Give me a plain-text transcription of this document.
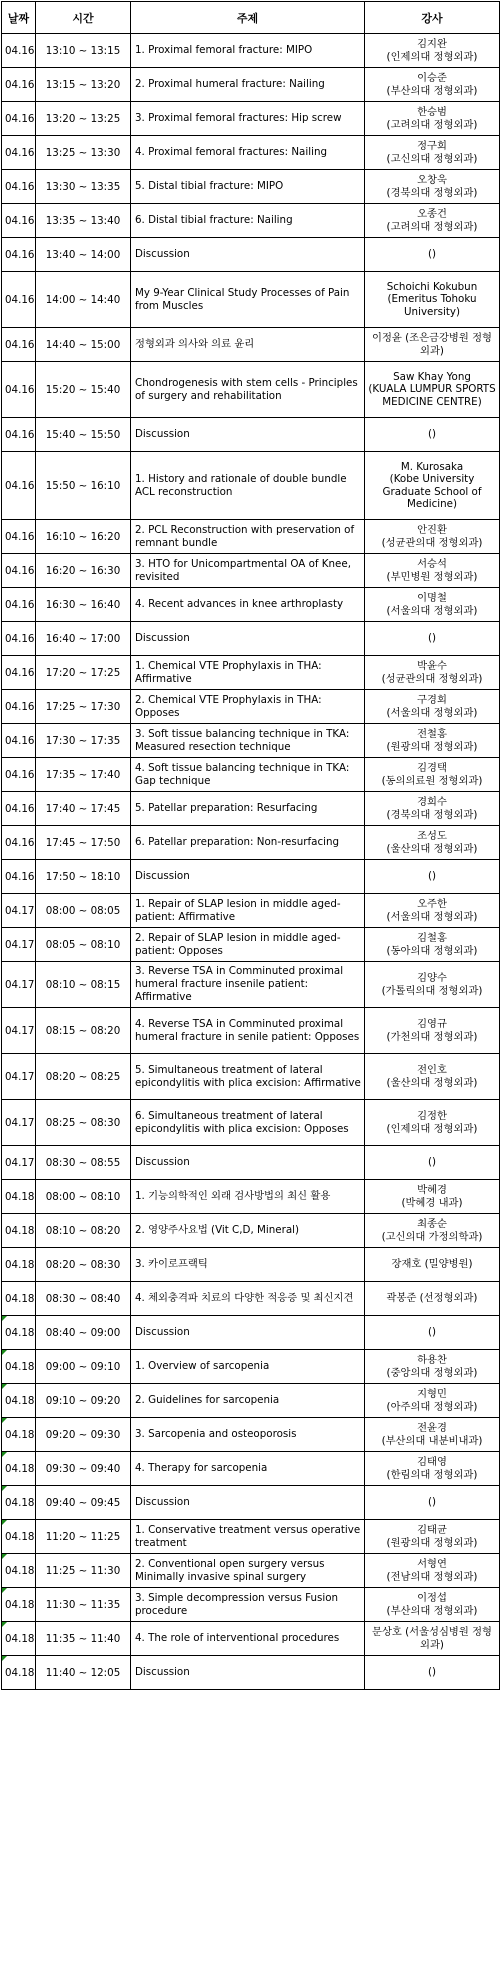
날짜	시간	주제	강사
04.16	13:10 ~ 13:15	1. Proximal femoral fracture: MIPO	김지완
(인제의대 정형외과)
04.16	13:15 ~ 13:20	2. Proximal humeral fracture: Nailing	이승준
(부산의대 정형외과)
04.16	13:20 ~ 13:25	3. Proximal femoral fractures: Hip screw	한승범
(고려의대 정형외과)
04.16	13:25 ~ 13:30	4. Proximal femoral fractures: Nailing	정구희
(고신의대 정형외과)
04.16	13:30 ~ 13:35	5. Distal tibial fracture: MIPO	오창욱
(경북의대 정형외과)
04.16	13:35 ~ 13:40	6. Distal tibial fracture: Nailing	오종건
(고려의대 정형외과)
04.16	13:40 ~ 14:00	Discussion	()
04.16	14:00 ~ 14:40	My 9-Year Clinical Study Processes of Pain from Muscles	Schoichi Kokubun
(Emeritus Tohoku University)
04.16	14:40 ~ 15:00	정형외과 의사와 의료 윤리	이정윤 (조은금강병원 정형외과)
04.16	15:20 ~ 15:40	Chondrogenesis with stem cells - Principles of surgery and rehabilitation	Saw Khay Yong
(KUALA LUMPUR SPORTS MEDICINE CENTRE)
04.16	15:40 ~ 15:50	Discussion	()
04.16	15:50 ~ 16:10	1. History and rationale of double bundle ACL reconstruction	M. Kurosaka
(Kobe University Graduate School of Medicine)
04.16	16:10 ~ 16:20	2. PCL Reconstruction with preservation of remnant bundle	안진환
(성균관의대 정형외과)
04.16	16:20 ~ 16:30	3. HTO for Unicompartmental OA of Knee, revisited	서승석
(부민병원 정형외과)
04.16	16:30 ~ 16:40	4. Recent advances in knee arthroplasty	이명철
(서울의대 정형외과)
04.16	16:40 ~ 17:00	Discussion	()
04.16	17:20 ~ 17:25	1. Chemical VTE Prophylaxis in THA: Affirmative	박윤수
(성균관의대 정형외과)
04.16	17:25 ~ 17:30	2. Chemical VTE Prophylaxis in THA: Opposes	구경회
(서울의대 정형외과)
04.16	17:30 ~ 17:35	3. Soft tissue balancing technique in TKA: Measured resection technique	전철홍
(원광의대 정형외과)
04.16	17:35 ~ 17:40	4. Soft tissue balancing technique in TKA: Gap technique	김경택
(동의의료원 정형외과)
04.16	17:40 ~ 17:45	5. Patellar preparation: Resurfacing	경희수
(경북의대 정형외과)
04.16	17:45 ~ 17:50	6. Patellar preparation: Non-resurfacing	조성도
(울산의대 정형외과)
04.16	17:50 ~ 18:10	Discussion	()
04.17	08:00 ~ 08:05	1. Repair of SLAP lesion in middle aged-patient: Affirmative	오주한
(서울의대 정형외과)
04.17	08:05 ~ 08:10	2. Repair of SLAP lesion in middle aged-patient: Opposes	김철홍
(동아의대 정형외과)
04.17	08:10 ~ 08:15	3. Reverse TSA in Comminuted proximal humeral fracture insenile patient: Affirmative	김양수
(가톨릭의대 정형외과)
04.17	08:15 ~ 08:20	4. Reverse TSA in Comminuted proximal humeral fracture in senile patient: Opposes	김영규
(가천의대 정형외과)
04.17	08:20 ~ 08:25	5. Simultaneous treatment of lateral epicondylitis with plica excision: Affirmative	전인호
(울산의대 정형외과)
04.17	08:25 ~ 08:30	6. Simultaneous treatment of lateral epicondylitis with plica excision: Opposes	김정한
(인제의대 정형외과)
04.17	08:30 ~ 08:55	Discussion	()
04.18	08:00 ~ 08:10	1. 기능의학적인 외래 검사방법의 최신 활용	박혜경
(박혜경 내과)
04.18	08:10 ~ 08:20	2. 영양주사요법 (Vit C,D, Mineral)	최종순
(고신의대 가정의학과)
04.18	08:20 ~ 08:30	3. 카이로프랙틱	장재호 (밀양병원)
04.18	08:30 ~ 08:40	4. 체외충격파 치료의 다양한 적응증 및 최신지견	곽봉준 (선정형외과)
04.18	08:40 ~ 09:00	Discussion	()
04.18	09:00 ~ 09:10	1. Overview of sarcopenia	하용찬
(중앙의대 정형외과)
04.18	09:10 ~ 09:20	2. Guidelines for sarcopenia	지형민
(아주의대 정형외과)
04.18	09:20 ~ 09:30	3. Sarcopenia and osteoporosis	전윤경
(부산의대 내분비내과)
04.18	09:30 ~ 09:40	4. Therapy for sarcopenia	김태영
(한림의대 정형외과)
04.18	09:40 ~ 09:45	Discussion	()
04.18	11:20 ~ 11:25	1. Conservative treatment versus operative treatment	김태균
(원광의대 정형외과)
04.18	11:25 ~ 11:30	2. Conventional open surgery versus Minimally invasive spinal surgery	서형연
(전남의대 정형외과)
04.18	11:30 ~ 11:35	3. Simple decompression versus Fusion procedure	이정섭
(부산의대 정형외과)
04.18	11:35 ~ 11:40	4. The role of interventional procedures	문상호 (서울성심병원 정형외과)
04.18	11:40 ~ 12:05	Discussion	()
